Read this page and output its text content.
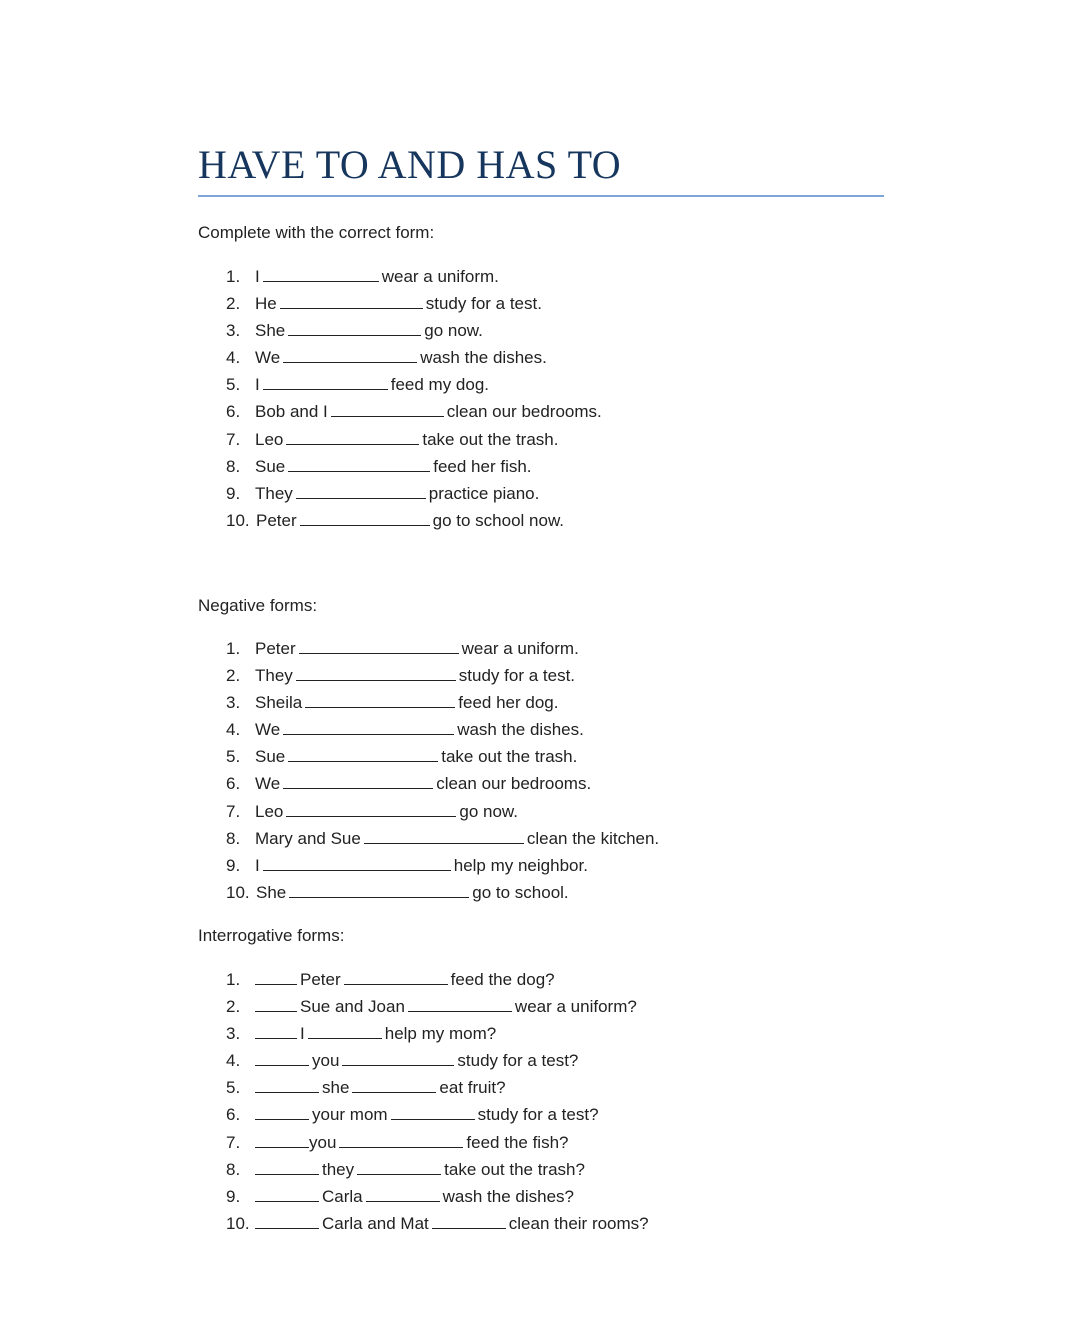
HAVE TO AND HAS TO

Complete with the correct form:

1. I	wear a uniform.
2. He	study for a test.
3. She	go now.
4. We	wash the dishes.
5. I	feed my dog.
6. Bob and I	clean our bedrooms.
7. Leo	take out the trash.
8. Sue	feed her fish.
9. They	practice piano.
10. Peter	go to school now.

Negative forms:

1. Peter	wear a uniform.
2. They	study for a test.
3. Sheila	feed her dog.
4. We	wash the dishes.
5. Sue	take out the trash.
6. We	clean our bedrooms.
7. Leo	go now.
8. Mary and Sue	clean the kitchen.
9. I	help my neighbor.
10. She	go to school.

Interrogative forms:

1.	Peter	feed the dog?
2.	Sue and Joan	wear a uniform?
3.	I	help my mom?
4.	you	study for a test?
5.	she	eat fruit?
6.	your mom	study for a test?
7.	you	feed the fish?
8.	they	take out the trash?
9.	Carla	wash the dishes?
10.	Carla and Mat	clean their rooms?
